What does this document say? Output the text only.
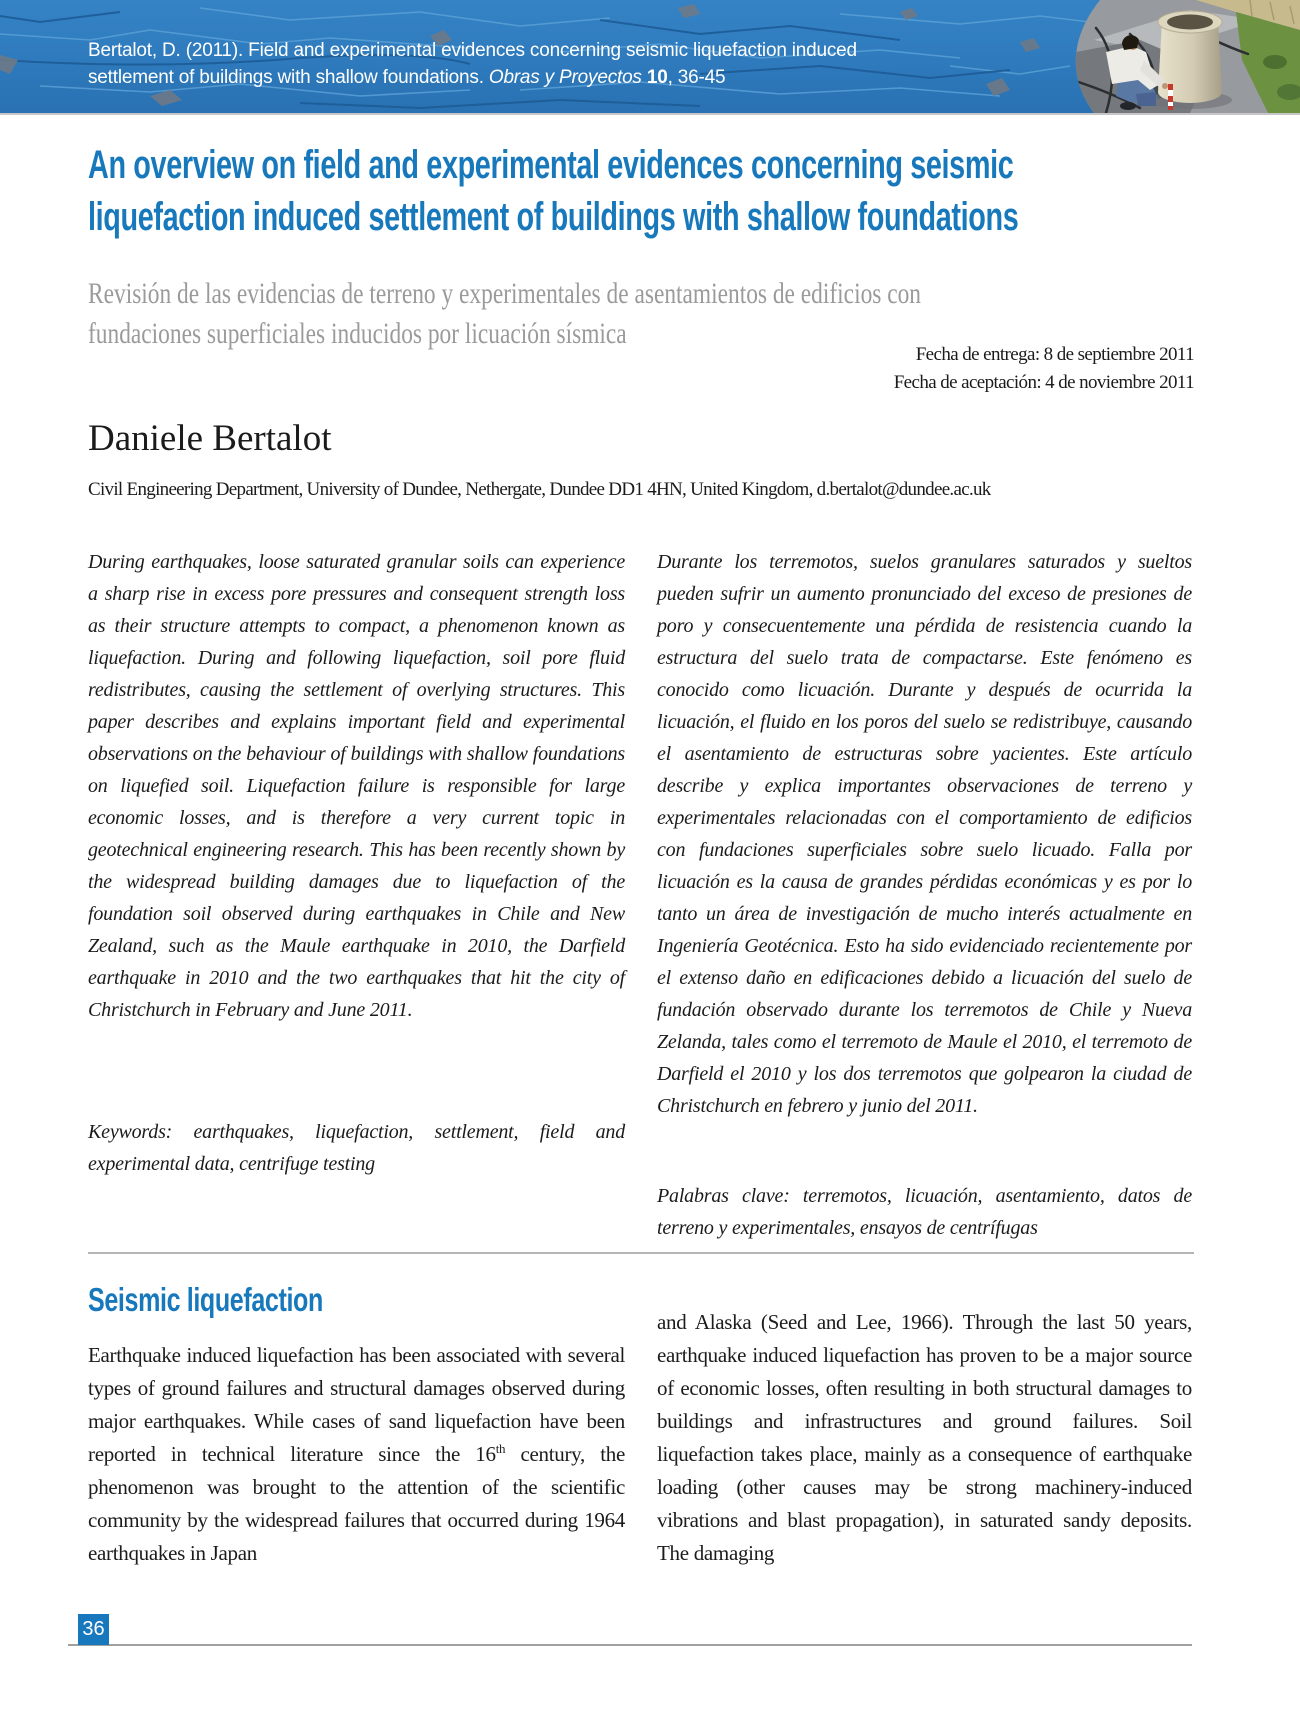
Bertalot, D. (2011). Field and experimental evidences concerning seismic liquefaction induced
settlement of buildings with shallow foundations. Obras y Proyectos 10, 36-45
An overview on field and experimental evidences concerning seismic
liquefaction induced settlement of buildings with shallow foundations
Revisión de las evidencias de terreno y experimentales de asentamientos de edificios con
fundaciones superficiales inducidos por licuación sísmica
Fecha de entrega: 8 de septiembre 2011
Fecha de aceptación: 4 de noviembre 2011
Daniele Bertalot
Civil Engineering Department, University of Dundee, Nethergate, Dundee DD1 4HN, United Kingdom, d.bertalot@dundee.ac.uk

During earthquakes, loose saturated granular soils can experience a sharp rise in excess pore pressures and consequent strength loss as their structure attempts to compact, a phenomenon known as liquefaction. During and following liquefaction, soil pore fluid redistributes, causing the settlement of overlying structures. This paper describes and explains important field and experimental observations on the behaviour of buildings with shallow foundations on liquefied soil. Liquefaction failure is responsible for large economic losses, and is therefore a very current topic in geotechnical engineering research. This has been recently shown by the widespread building damages due to liquefaction of the foundation soil observed during earthquakes in Chile and New Zealand, such as the Maule earthquake in 2010, the Darfield earthquake in 2010 and the two earthquakes that hit the city of Christchurch in February and June 2011.

Keywords: earthquakes, liquefaction, settlement, field and experimental data, centrifuge testing

Durante los terremotos, suelos granulares saturados y sueltos pueden sufrir un aumento pronunciado del exceso de presiones de poro y consecuentemente una pérdida de resistencia cuando la estructura del suelo trata de compactarse. Este fenómeno es conocido como licuación. Durante y después de ocurrida la licuación, el fluido en los poros del suelo se redistribuye, causando el asentamiento de estructuras sobre yacientes. Este artículo describe y explica importantes observaciones de terreno y experimentales relacionadas con el comportamiento de edificios con fundaciones superficiales sobre suelo licuado. Falla por licuación es la causa de grandes pérdidas económicas y es por lo tanto un área de investigación de mucho interés actualmente en Ingeniería Geotécnica. Esto ha sido evidenciado recientemente por el extenso daño en edificaciones debido a licuación del suelo de fundación observado durante los terremotos de Chile y Nueva Zelanda, tales como el terremoto de Maule el 2010, el terremoto de Darfield el 2010 y los dos terremotos que golpearon la ciudad de Christchurch en febrero y junio del 2011.

Palabras clave: terremotos, licuación, asentamiento, datos de terreno y experimentales, ensayos de centrífugas

Seismic liquefaction
Earthquake induced liquefaction has been associated with several types of ground failures and structural damages observed during major earthquakes. While cases of sand liquefaction have been reported in technical literature since the 16th century, the phenomenon was brought to the attention of the scientific community by the widespread failures that occurred during 1964 earthquakes in Japan
and Alaska (Seed and Lee, 1966). Through the last 50 years, earthquake induced liquefaction has proven to be a major source of economic losses, often resulting in both structural damages to buildings and infrastructures and ground failures. Soil liquefaction takes place, mainly as a consequence of earthquake loading (other causes may be strong machinery-induced vibrations and blast propagation), in saturated sandy deposits. The damaging
36
